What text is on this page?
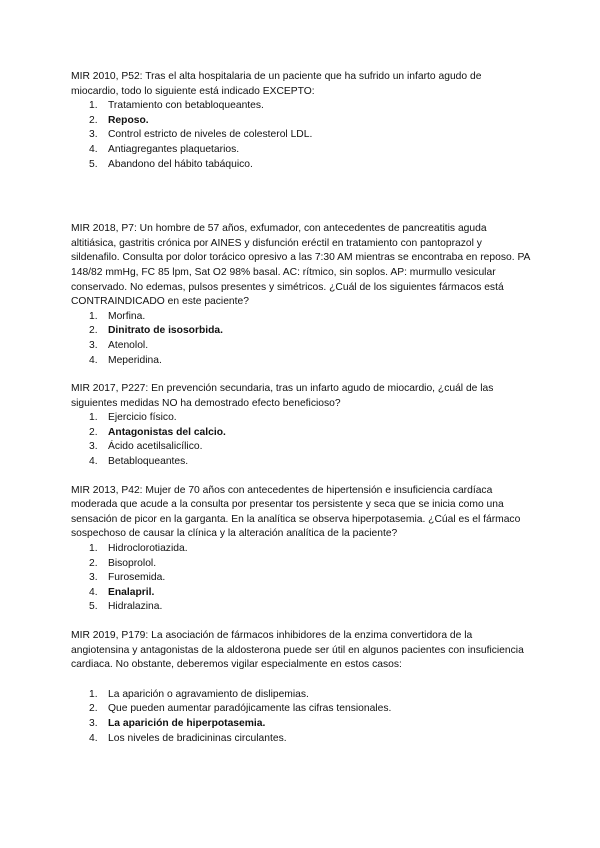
MIR 2010, P52: Tras el alta hospitalaria de un paciente que ha sufrido un infarto agudo de miocardio, todo lo siguiente está indicado EXCEPTO:

1.	Tratamiento con betabloqueantes.
2.	Reposo.
3.	Control estricto de niveles de colesterol LDL.
4.	Antiagregantes plaquetarios.
5.	Abandono del hábito tabáquico.

MIR 2018, P7: Un hombre de 57 años, exfumador, con antecedentes de pancreatitis aguda altitiásica, gastritis crónica por AINES y disfunción eréctil en tratamiento con pantoprazol y sildenafilo. Consulta por dolor torácico opresivo a las 7:30 AM mientras se encontraba en reposo. PA 148/82 mmHg, FC 85 lpm, Sat O2 98% basal. AC: rítmico, sin soplos. AP: murmullo vesicular conservado. No edemas, pulsos presentes y simétricos. ¿Cuál de los siguientes fármacos está CONTRAINDICADO en este paciente?

1.	Morfina.
2.	Dinitrato de isosorbida.
3.	Atenolol.
4.	Meperidina.

MIR 2017, P227: En prevención secundaria, tras un infarto agudo de miocardio, ¿cuál de las siguientes medidas NO ha demostrado efecto beneficioso?

1.	Ejercicio físico.
2.	Antagonistas del calcio.
3.	Ácido acetilsalicílico.
4.	Betabloqueantes.

MIR 2013, P42: Mujer de 70 años con antecedentes de hipertensión e insuficiencia cardíaca moderada que acude a la consulta por presentar tos persistente y seca que se inicia como una sensación de picor en la garganta. En la analítica se observa hiperpotasemia. ¿Cúal es el fármaco sospechoso de causar la clínica y la alteración analítica de la paciente?

1.	Hidroclorotiazida.
2.	Bisoprolol.
3.	Furosemida.
4.	Enalapril.
5.	Hidralazina.

MIR 2019, P179: La asociación de fármacos inhibidores de la enzima convertidora de la angiotensina y antagonistas de la aldosterona puede ser útil en algunos pacientes con insuficiencia cardiaca. No obstante, deberemos vigilar especialmente en estos casos:

1.	La aparición o agravamiento de dislipemias.
2.	Que pueden aumentar paradójicamente las cifras tensionales.
3.	La aparición de hiperpotasemia.
4.	Los niveles de bradicininas circulantes.
